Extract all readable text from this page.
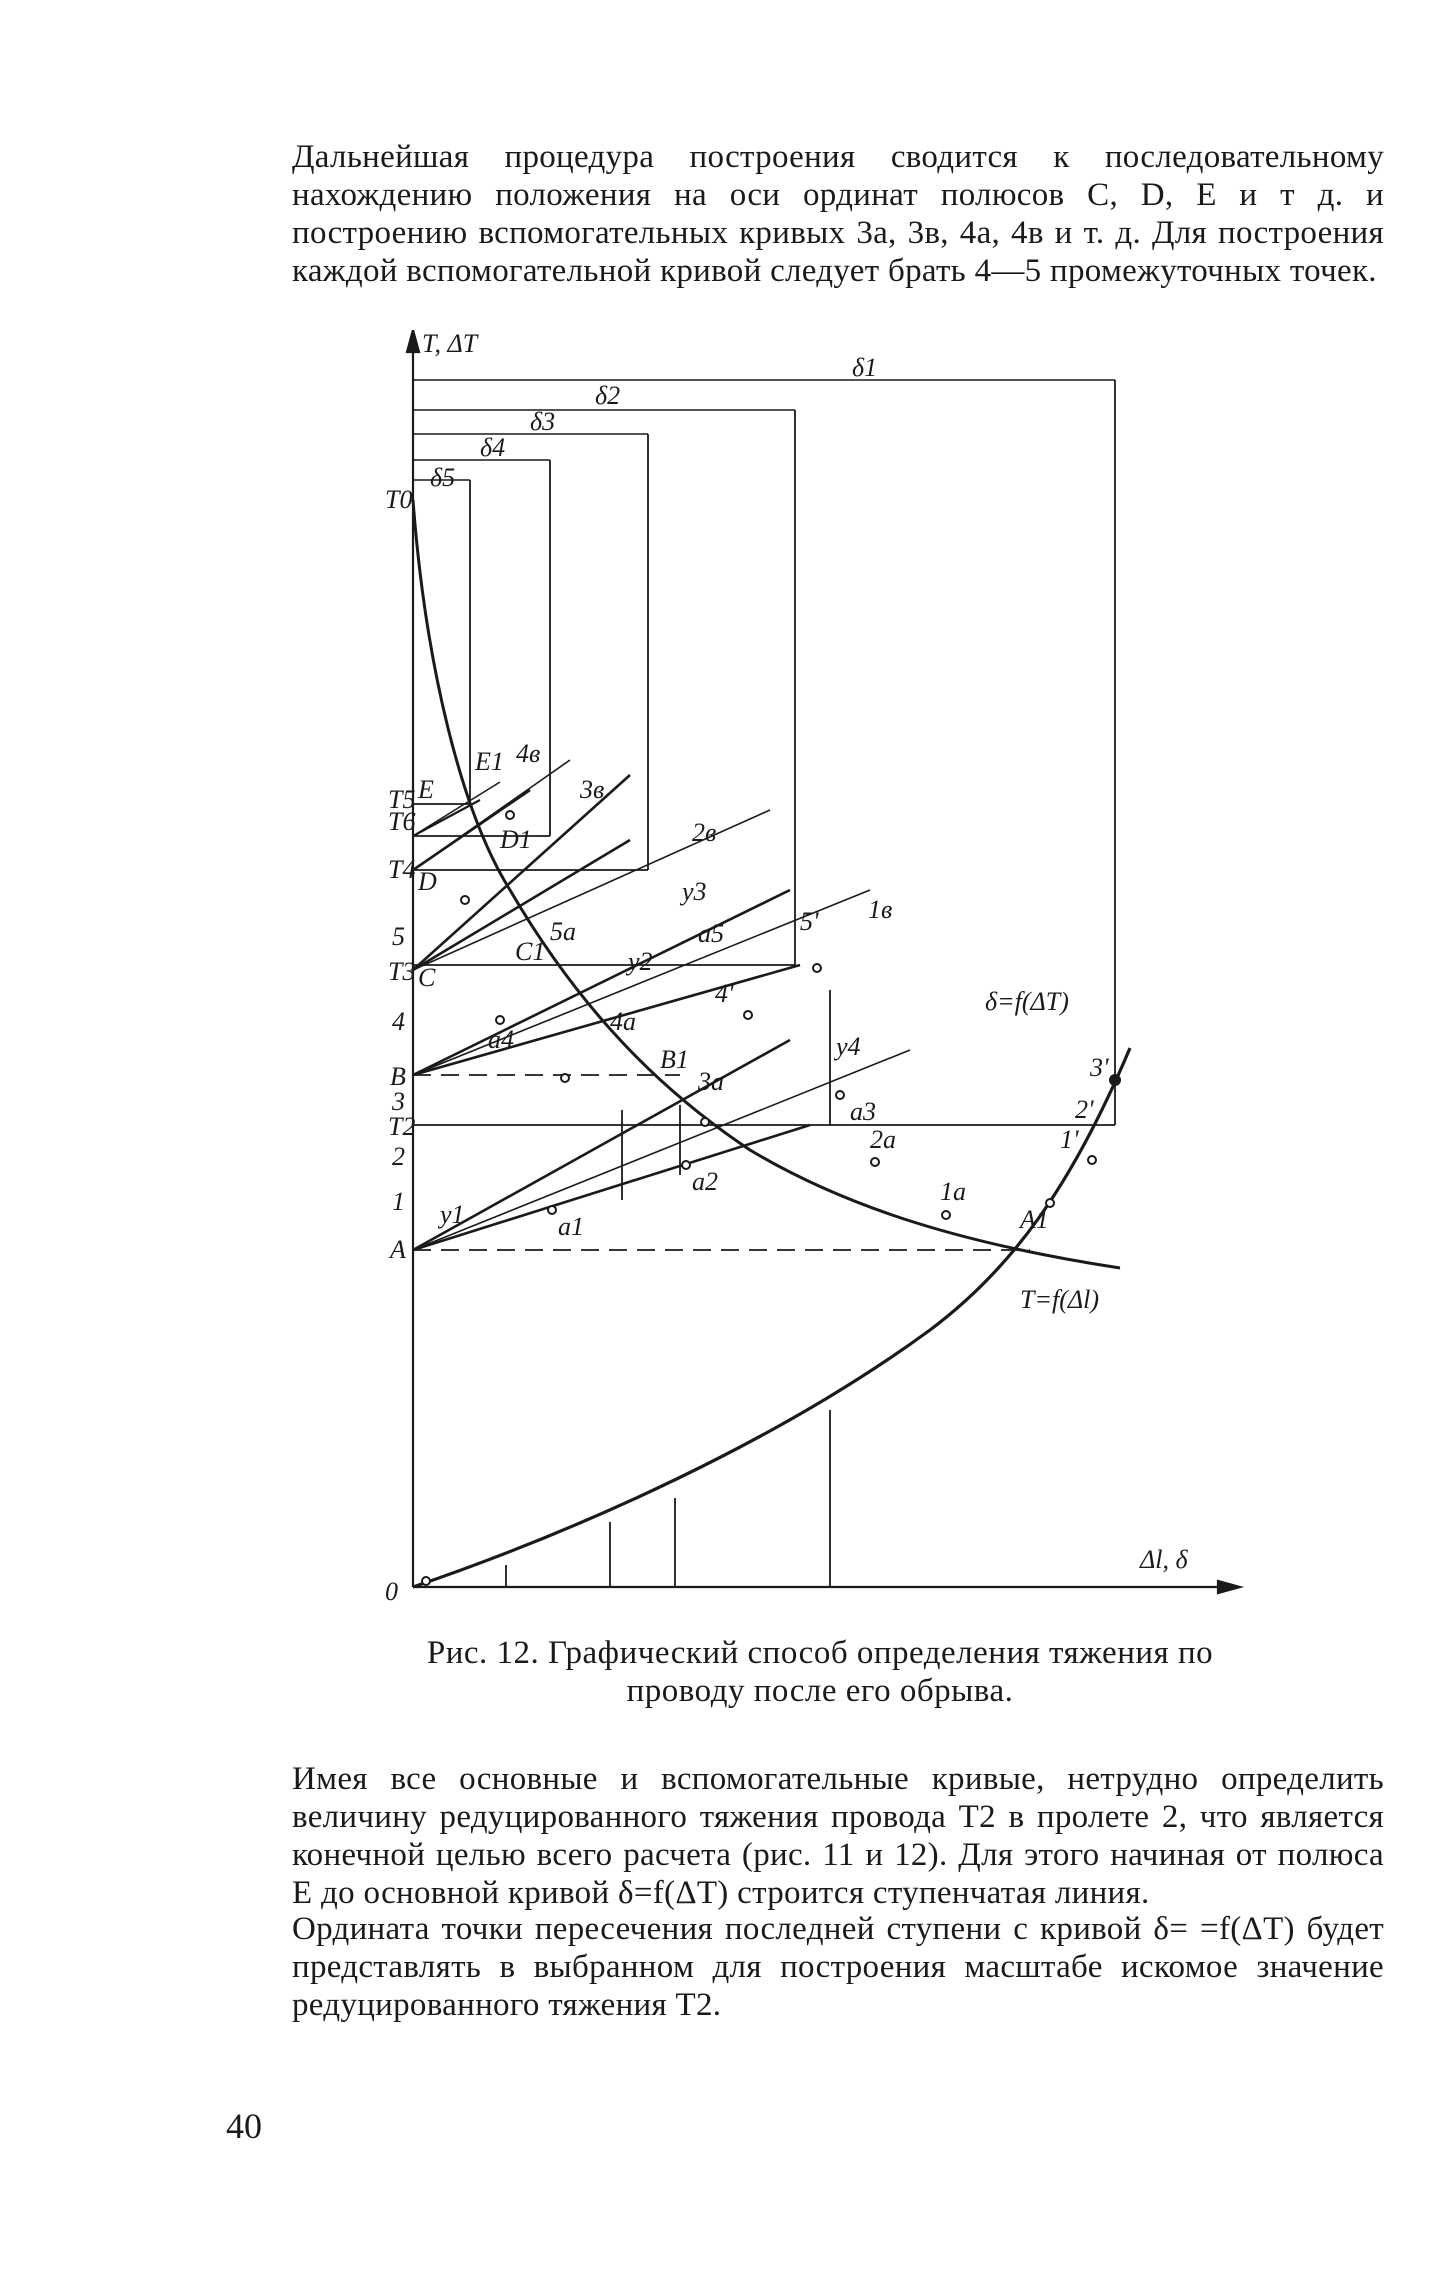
Дальнейшая процедура построения сводится к последовательному нахождению положения на оси ординат полюсов C, D, E и т д. и построению вспомогательных кривых 3а, 3в, 4а, 4в и т. д. Для построения каждой вспомогательной кривой следует брать 4—5 промежуточных точек.
T, ΔT
Δl, δ
0
δ=f(ΔT)
T=f(Δl)
δ1
δ2
δ3
δ4
δ5
T0
T5
T6
T4
5
T3
4
B
3
T2
2
1
A
E
D
C
E1
D1
C1
B1
A1
1a
2a
3a
4a
5a
1в
2в
3в
4в
1'
2'
3'
4'
5'
a1
a2
a3
a4
a5
y1
y2
y3
y4
Рис. 12. Графический способ определения тяжения по проводу после его обрыва.
Имея все основные и вспомогательные кривые, нетрудно определить величину редуцированного тяжения провода T2 в пролете 2, что является конечной целью всего расчета (рис. 11 и 12). Для этого начиная от полюса E до основной кривой δ=f(ΔT) строится ступенчатая линия.
Ордината точки пересечения последней ступени с кривой δ= =f(ΔT) будет представлять в выбранном для построения масштабе искомое значение редуцированного тяжения T2.
40
